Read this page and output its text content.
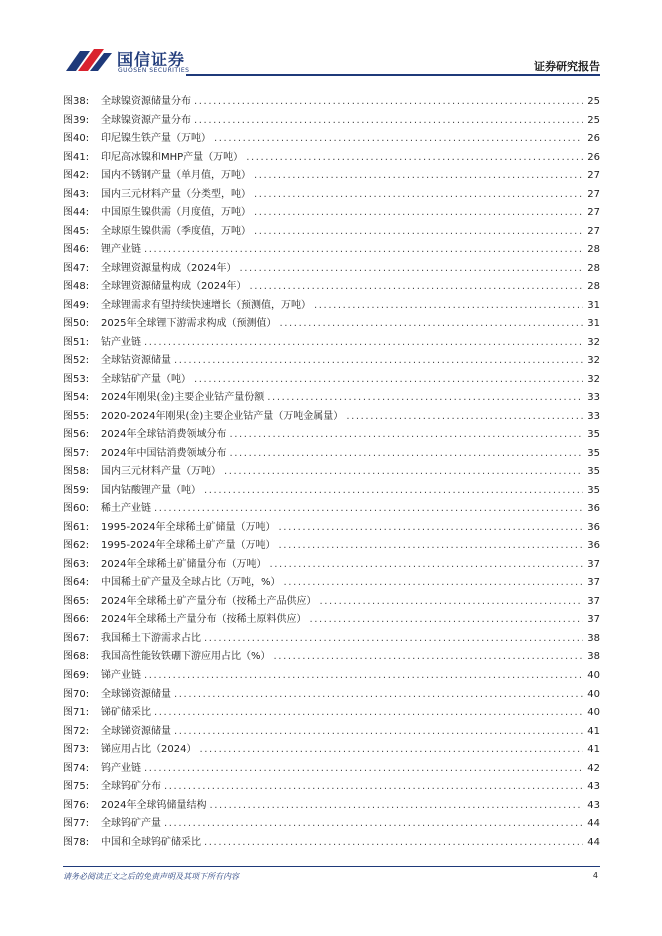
国信证券
GUOSEN SECURITIES	证券研究报告
图38:	全球镍资源储量分布 .....	25
图39:	全球镍资源产量分布 .....	25
图40:	印尼镍生铁产量（万吨） .....	26
图41:	印尼高冰镍和MHP产量（万吨） .....	26
图42:	国内不锈钢产量（单月值，万吨） .....	27
图43:	国内三元材料产量（分类型，吨） .....	27
图44:	中国原生镍供需（月度值，万吨） .....	27
图45:	全球原生镍供需（季度值，万吨） .....	27
图46:	锂产业链 .....	28
图47:	全球锂资源量构成（2024年） .....	28
图48:	全球锂资源储量构成（2024年） .....	28
图49:	全球锂需求有望持续快速增长（预测值，万吨） .....	31
图50:	2025年全球锂下游需求构成（预测值） .....	31
图51:	钴产业链 .....	32
图52:	全球钴资源储量 .....	32
图53:	全球钴矿产量（吨） .....	32
图54:	2024年刚果(金)主要企业钴产量份额 .....	33
图55:	2020-2024年刚果(金)主要企业钴产量（万吨金属量） .....	33
图56:	2024年全球钴消费领域分布 .....	35
图57:	2024年中国钴消费领域分布 .....	35
图58:	国内三元材料产量（万吨） .....	35
图59:	国内钴酸锂产量（吨） .....	35
图60:	稀土产业链 .....	36
图61:	1995-2024年全球稀土矿储量（万吨） .....	36
图62:	1995-2024年全球稀土矿产量（万吨） .....	36
图63:	2024年全球稀土矿储量分布（万吨） .....	37
图64:	中国稀土矿产量及全球占比（万吨，%） .....	37
图65:	2024年全球稀土矿产量分布（按稀土产品供应） .....	37
图66:	2024年全球稀土产量分布（按稀土原料供应） .....	37
图67:	我国稀土下游需求占比 .....	38
图68:	我国高性能钕铁硼下游应用占比（%） .....	38
图69:	锑产业链 .....	40
图70:	全球锑资源储量 .....	40
图71:	锑矿储采比 .....	40
图72:	全球锑资源储量 .....	41
图73:	锑应用占比（2024） .....	41
图74:	钨产业链 .....	42
图75:	全球钨矿分布 .....	43
图76:	2024年全球钨储量结构 .....	43
图77:	全球钨矿产量 .....	44
图78:	中国和全球钨矿储采比 .....	44
请务必阅读正文之后的免责声明及其项下所有内容	4
